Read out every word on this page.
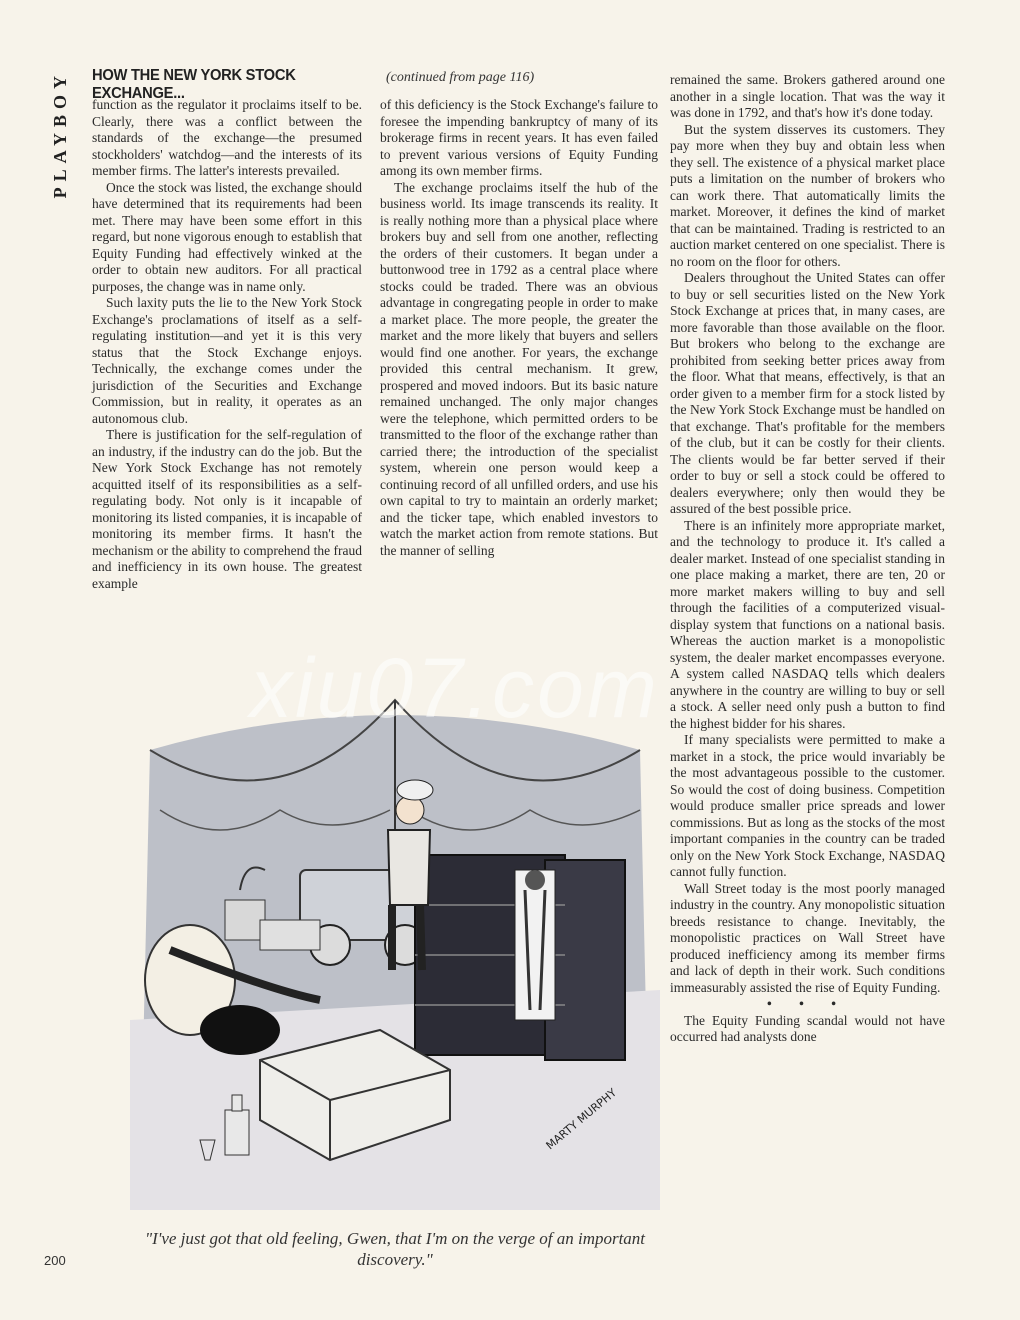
PLAYBOY HOW THE NEW YORK STOCK EXCHANGE...
(continued from page 116)

function as the regulator it proclaims itself to be. Clearly, there was a conflict between the standards of the exchange—the presumed stockholders' watchdog—and the interests of its member firms. The latter's interests prevailed.

Once the stock was listed, the exchange should have determined that its requirements had been met. There may have been some effort in this regard, but none vigorous enough to establish that Equity Funding had effectively winked at the order to obtain new auditors. For all practical purposes, the change was in name only.

Such laxity puts the lie to the New York Stock Exchange's proclamations of itself as a self-regulating institution—and yet it is this very status that the Stock Exchange enjoys. Technically, the exchange comes under the jurisdiction of the Securities and Exchange Commission, but in reality, it operates as an autonomous club.

There is justification for the self-regulation of an industry, if the industry can do the job. But the New York Stock Exchange has not remotely acquitted itself of its responsibilities as a self-regulating body. Not only is it incapable of monitoring its listed companies, it is incapable of monitoring its member firms. It hasn't the mechanism or the ability to comprehend the fraud and inefficiency in its own house. The greatest example

of this deficiency is the Stock Exchange's failure to foresee the impending bankruptcy of many of its brokerage firms in recent years. It has even failed to prevent various versions of Equity Funding among its own member firms.

The exchange proclaims itself the hub of the business world. Its image transcends its reality. It is really nothing more than a physical place where brokers buy and sell from one another, reflecting the orders of their customers. It began under a buttonwood tree in 1792 as a central place where stocks could be traded. There was an obvious advantage in congregating people in order to make a market place. The more people, the greater the market and the more likely that buyers and sellers would find one another. For years, the exchange provided this central mechanism. It grew, prospered and moved indoors. But its basic nature remained unchanged. The only major changes were the telephone, which permitted orders to be transmitted to the floor of the exchange rather than carried there; the introduction of the specialist system, wherein one person would keep a continuing record of all unfilled orders, and use his own capital to try to maintain an orderly market; and the ticker tape, which enabled investors to watch the market action from remote stations. But the manner of selling

remained the same. Brokers gathered around one another in a single location. That was the way it was done in 1792, and that's how it's done today.

But the system disserves its customers. They pay more when they buy and obtain less when they sell. The existence of a physical market place puts a limitation on the number of brokers who can work there. That automatically limits the market. Moreover, it defines the kind of market that can be maintained. Trading is restricted to an auction market centered on one specialist. There is no room on the floor for others.

Dealers throughout the United States can offer to buy or sell securities listed on the New York Stock Exchange at prices that, in many cases, are more favorable than those available on the floor. But brokers who belong to the exchange are prohibited from seeking better prices away from the floor. What that means, effectively, is that an order given to a member firm for a stock listed by the New York Stock Exchange must be handled on that exchange. That's profitable for the members of the club, but it can be costly for their clients. The clients would be far better served if their order to buy or sell a stock could be offered to dealers everywhere; only then would they be assured of the best possible price.

There is an infinitely more appropriate market, and the technology to produce it. It's called a dealer market. Instead of one specialist standing in one place making a market, there are ten, 20 or more market makers willing to buy and sell through the facilities of a computerized visual-display system that functions on a national basis. Whereas the auction market is a monopolistic system, the dealer market encompasses everyone. A system called NASDAQ tells which dealers anywhere in the country are willing to buy or sell a stock. A seller need only push a button to find the highest bidder for his shares.

If many specialists were permitted to make a market in a stock, the price would invariably be the most advantageous possible to the customer. So would the cost of doing business. Competition would produce smaller price spreads and lower commissions. But as long as the stocks of the most important companies in the country can be traded only on the New York Stock Exchange, NASDAQ cannot fully function.

Wall Street today is the most poorly managed industry in the country. Any monopolistic situation breeds resistance to change. Inevitably, the monopolistic practices on Wall Street have produced inefficiency among its member firms and lack of depth in their work. Such conditions immeasurably assisted the rise of Equity Funding.

• • •

The Equity Funding scandal would not have occurred had analysts done

MARTY MURPHY
"I've just got that old feeling, Gwen, that I'm on the verge of an important discovery."
200
xiu07.com
